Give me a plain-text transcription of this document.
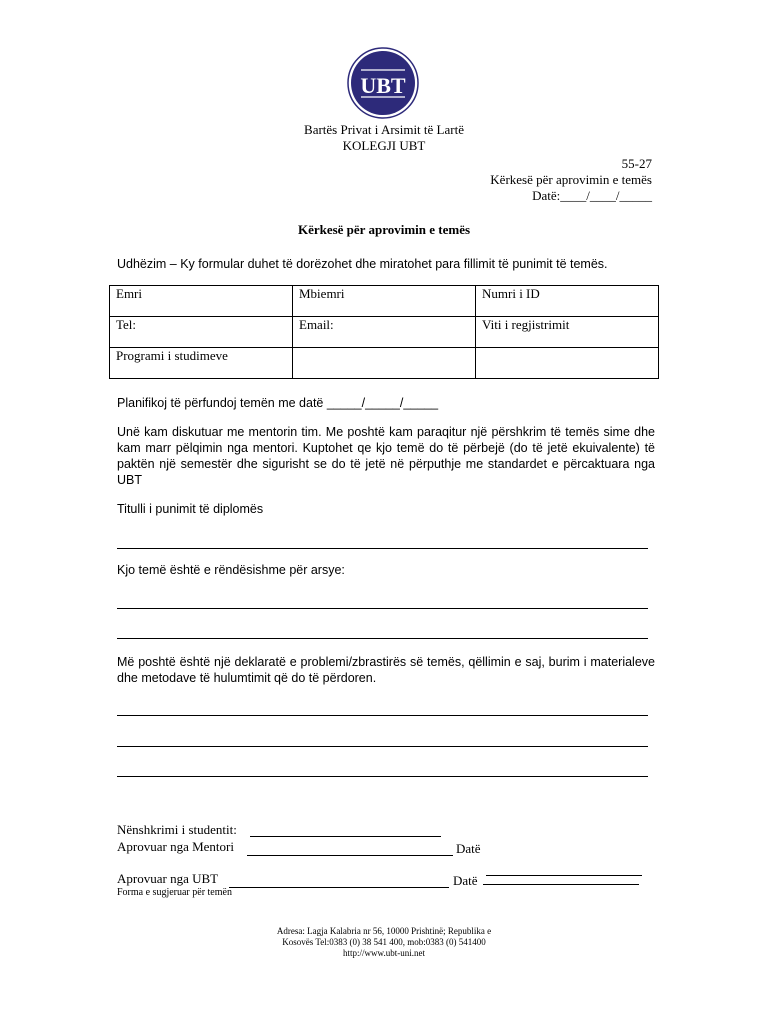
UBT
Bartës Privat i Arsimit të Lartë
KOLEGJI UBT
55-27
Kërkesë për aprovimin e temës
Datë:____/____/_____
Kërkesë për aprovimin e temës
Udhëzim – Ky formular duhet të dorëzohet dhe miratohet para fillimit të punimit të temës.
Emri	Mbiemri	Numri i ID
Tel:	Email:	Viti i regjistrimit
Programi i studimeve		
Planifikoj të përfundoj temën me datë _____/_____/_____
Unë kam diskutuar me mentorin tim. Me poshtë kam paraqitur një përshkrim të temës sime dhe kam marr pëlqimin nga mentori. Kuptohet qe kjo temë do të përbejë (do të jetë ekuivalente) të paktën një semestër dhe sigurisht se do të jetë në përputhje me standardet e përcaktuara nga UBT
Titulli i punimit të diplomës
Kjo temë është e rëndësishme për arsye:
Më poshtë është një deklaratë e problemi/zbrastirës së temës, qëllimin e saj, burim i materialeve dhe metodave të hulumtimit që do të përdoren.
Nënshkrimi i studentit:
Aprovuar nga Mentori	Datë
Aprovuar nga UBT	Datë
Forma e sugjeruar për temën
Adresa: Lagja Kalabria nr 56, 10000 Prishtinë; Republika e
Kosovës Tel:0383 (0) 38 541 400, mob:0383 (0) 541400
http://www.ubt-uni.net
